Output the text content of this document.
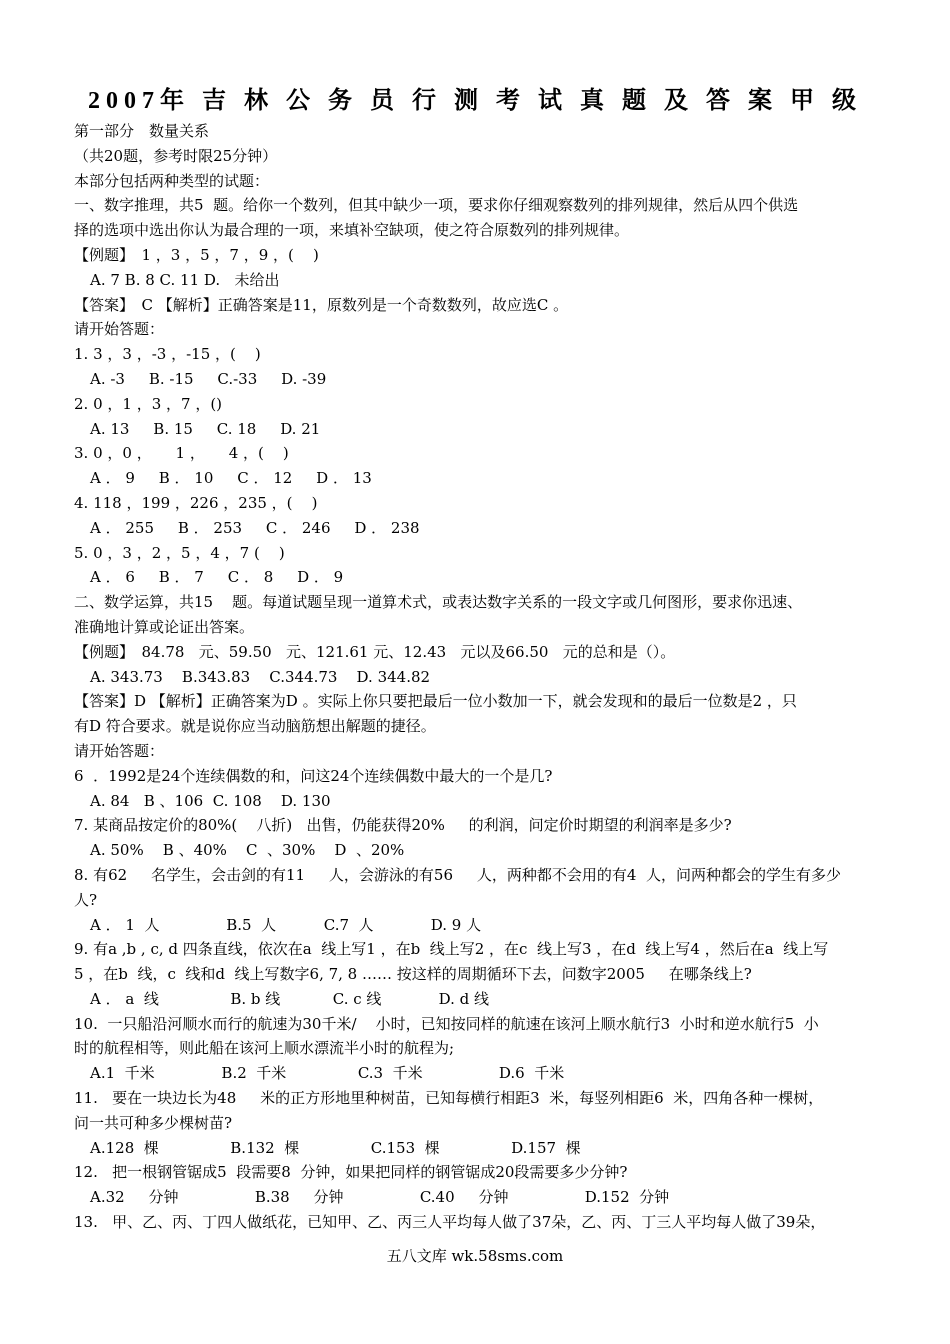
2007年 吉 林 公 务 员 行 测 考 试 真 题 及 答 案 甲 级
第一部分　数量关系
（共20题，参考时限25分钟）
本部分包括两种类型的试题：
一、数字推理，共5  题。给你一个数列，但其中缺少一项，要求你仔细观察数列的排列规律，然后从四个供选
择的选项中选出你认为最合理的一项，来填补空缺项，使之符合原数列的排列规律。
【例题】　1 ，3 ，5 ，7 ，9 ，(    )
A. 7 B. 8 C. 11 D.   未给出
【答案】　C 【解析】正确答案是11，原数列是一个奇数数列，故应选C 。
请开始答题：
1. 3 ，3 ，-3 ，-15 ，(    )
A. -3     B. -15     C.-33     D. -39
2. 0 ，1 ，3 ，7 ，()
A. 13     B. 15     C. 18     D. 21
3. 0 ，0 ，     1 ，     4 ，(    )
A ． 9     B ． 10     C ． 12     D ． 13
4. 118 ，199 ，226 ，235 ，(    )
A ． 255     B ． 253     C ． 246     D ． 238
5. 0 ，3 ，2 ，5 ，4 ，7 (    )
A ． 6     B ． 7     C ． 8     D ． 9
二、数学运算，共15    题。每道试题呈现一道算术式，或表达数字关系的一段文字或几何图形，要求你迅速、
准确地计算或论证出答案。
【例题】　84.78   元、59.50   元、121.61 元、12.43   元以及66.50   元的总和是（）。
A. 343.73    B.343.83    C.344.73    D. 344.82
【答案】D 【解析】正确答案为D 。实际上你只要把最后一位小数加一下，就会发现和的最后一位数是2 ，只
有D 符合要求。就是说你应当动脑筋想出解题的捷径。
请开始答题：
6  ．1992是24个连续偶数的和，问这24个连续偶数中最大的一个是几?
A. 84   B 、106  C. 108    D. 130
7. 某商品按定价的80%(    八折)   出售，仍能获得20%     的利润，问定价时期望的利润率是多少?
A. 50%    B 、40%    C  、30%    D  、20%
8. 有62     名学生，会击剑的有11     人，会游泳的有56     人，两种都不会用的有4  人，问两种都会的学生有多少
人?
A ． 1  人              B.5  人          C.7  人            D. 9 人
9. 有a ,b , c, d 四条直线，依次在a  线上写1 ，在b  线上写2 ，在c  线上写3 ，在d  线上写4 ，然后在a  线上写
5 ，在b  线，c  线和d  线上写数字6, 7, 8 …… 按这样的周期循环下去，问数字2005     在哪条线上?
A ． a  线               B. b 线           C. c 线            D. d 线
10.  一只船沿河顺水而行的航速为30千米/    小时，已知按同样的航速在该河上顺水航行3  小时和逆水航行5  小
时的航程相等，则此船在该河上顺水漂流半小时的航程为;
A.1  千米              B.2  千米               C.3  千米                D.6  千米
11.   要在一块边长为48     米的正方形地里种树苗，已知每横行相距3  米，每竖列相距6  米，四角各种一棵树，
问一共可种多少棵树苗?
A.128  棵               B.132  棵               C.153  棵               D.157  棵
12.   把一根钢管锯成5  段需要8  分钟，如果把同样的钢管锯成20段需要多少分钟?
A.32     分钟                B.38     分钟                C.40     分钟                D.152  分钟
13.   甲、乙、丙、丁四人做纸花，已知甲、乙、丙三人平均每人做了37朵，乙、丙、丁三人平均每人做了39朵，
五八文库 wk.58sms.com
